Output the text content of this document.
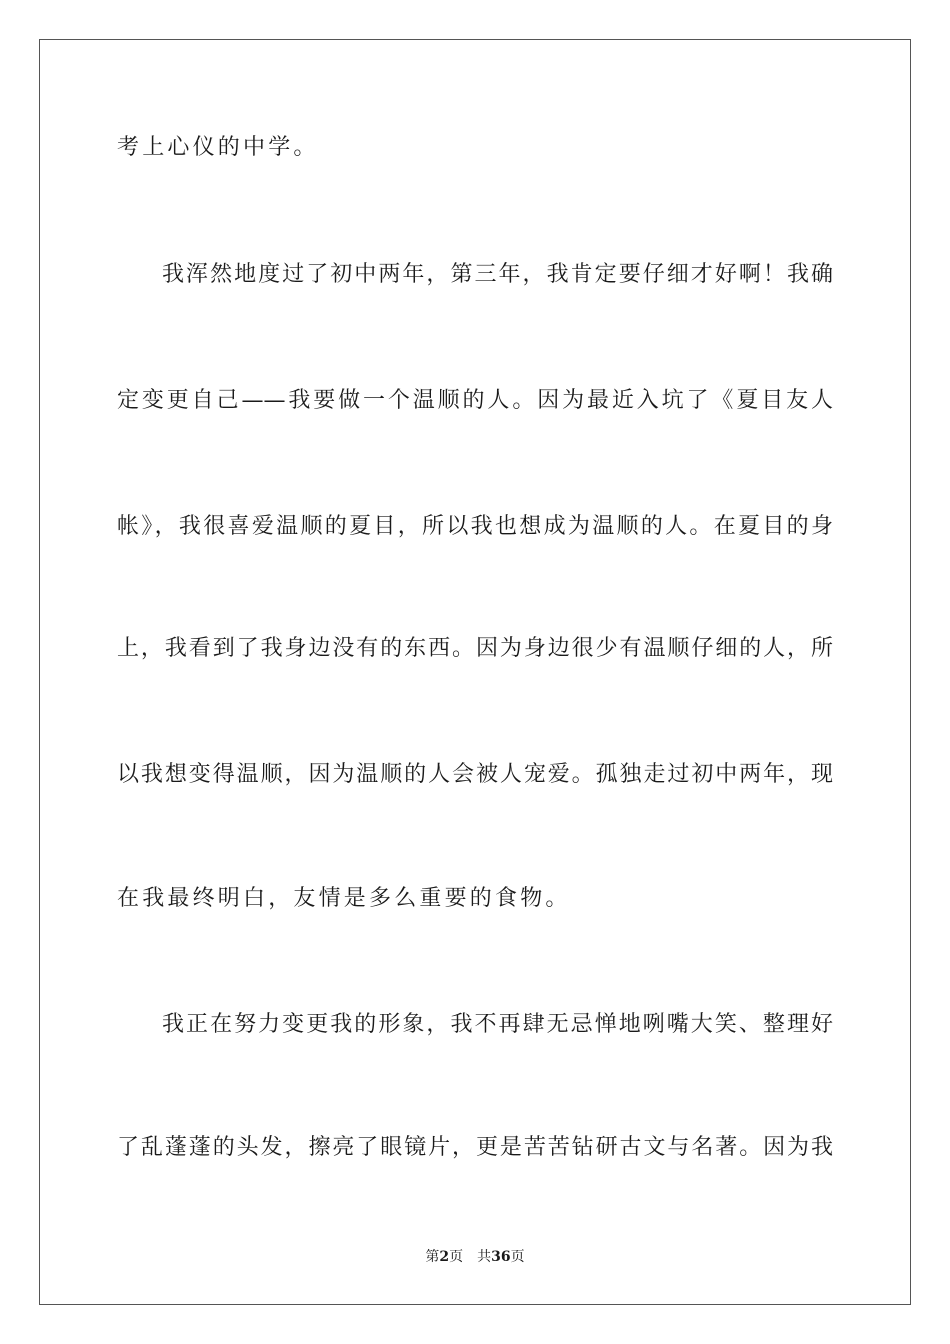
考上心仪的中学。
我浑然地度过了初中两年，第三年，我肯定要仔细才好啊！我确
定变更自己——我要做一个温顺的人。因为最近入坑了《夏目友人
帐》，我很喜爱温顺的夏目，所以我也想成为温顺的人。在夏目的身
上，我看到了我身边没有的东西。因为身边很少有温顺仔细的人，所
以我想变得温顺，因为温顺的人会被人宠爱。孤独走过初中两年，现
在我最终明白，友情是多么重要的食物。
我正在努力变更我的形象，我不再肆无忌惮地咧嘴大笑、整理好
了乱蓬蓬的头发，擦亮了眼镜片，更是苦苦钻研古文与名著。因为我
第2页 共36页
